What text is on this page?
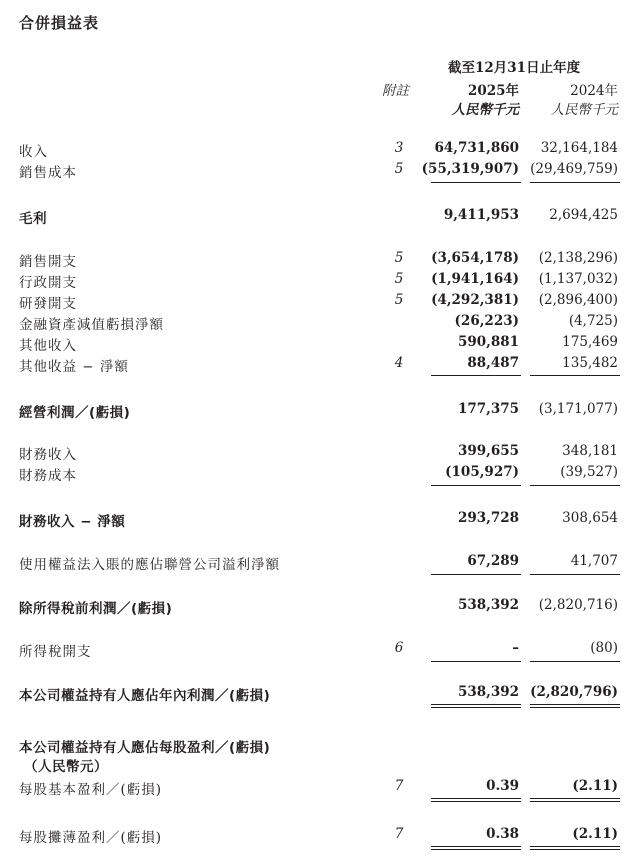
合併損益表
截至12月31日止年度
附註	2025年	2024年
人民幣千元 人民幣千元
收入	3 64,731,860 32,164,184
銷售成本	5 (55,319,907) (29,469,759)
毛利	9,411,953 2,694,425
銷售開支	5 (3,654,178) (2,138,296)
行政開支	5 (1,941,164) (1,137,032)
研發開支	5 (4,292,381) (2,896,400)
金融資產減值虧損淨額	(26,223)	(4,725)
其他收入	590,881	175,469
其他收益 − 淨額	4	88,487	135,482
經營利潤／(虧損)	177,375 (3,171,077)
財務收入	399,655	348,181
財務成本	(105,927)	(39,527)
財務收入 − 淨額	293,728	308,654
使用權益法入賬的應佔聯營公司溢利淨額	67,289	41,707
除所得稅前利潤／(虧損)	538,392 (2,820,716)
所得稅開支	6	–	(80)
本公司權益持有人應佔年內利潤／(虧損)	538,392 (2,820,796)
本公司權益持有人應佔每股盈利／(虧損)
（人民幣元）
每股基本盈利／(虧損)	7	0.39	(2.11)
每股攤薄盈利／(虧損)	7	0.38	(2.11)
